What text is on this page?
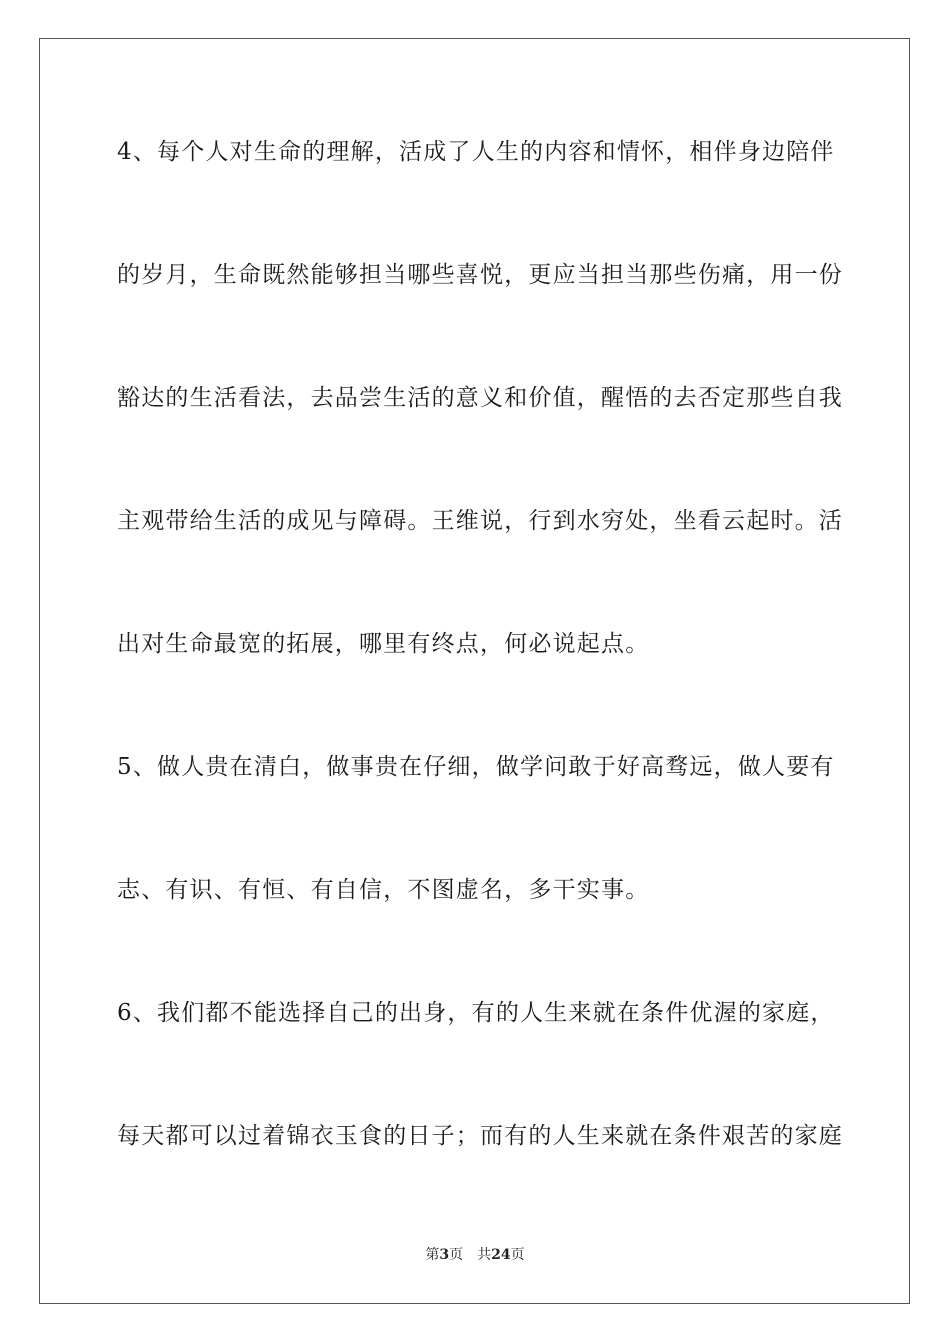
4、每个人对生命的理解，活成了人生的内容和情怀，相伴身边陪伴
的岁月，生命既然能够担当哪些喜悦，更应当担当那些伤痛，用一份
豁达的生活看法，去品尝生活的意义和价值，醒悟的去否定那些自我
主观带给生活的成见与障碍。王维说，行到水穷处，坐看云起时。活
出对生命最宽的拓展，哪里有终点，何必说起点。
5、做人贵在清白，做事贵在仔细，做学问敢于好高骛远，做人要有
志、有识、有恒、有自信，不图虚名，多干实事。
6、我们都不能选择自己的出身，有的人生来就在条件优渥的家庭，
每天都可以过着锦衣玉食的日子；而有的人生来就在条件艰苦的家庭
第3页 共24页
